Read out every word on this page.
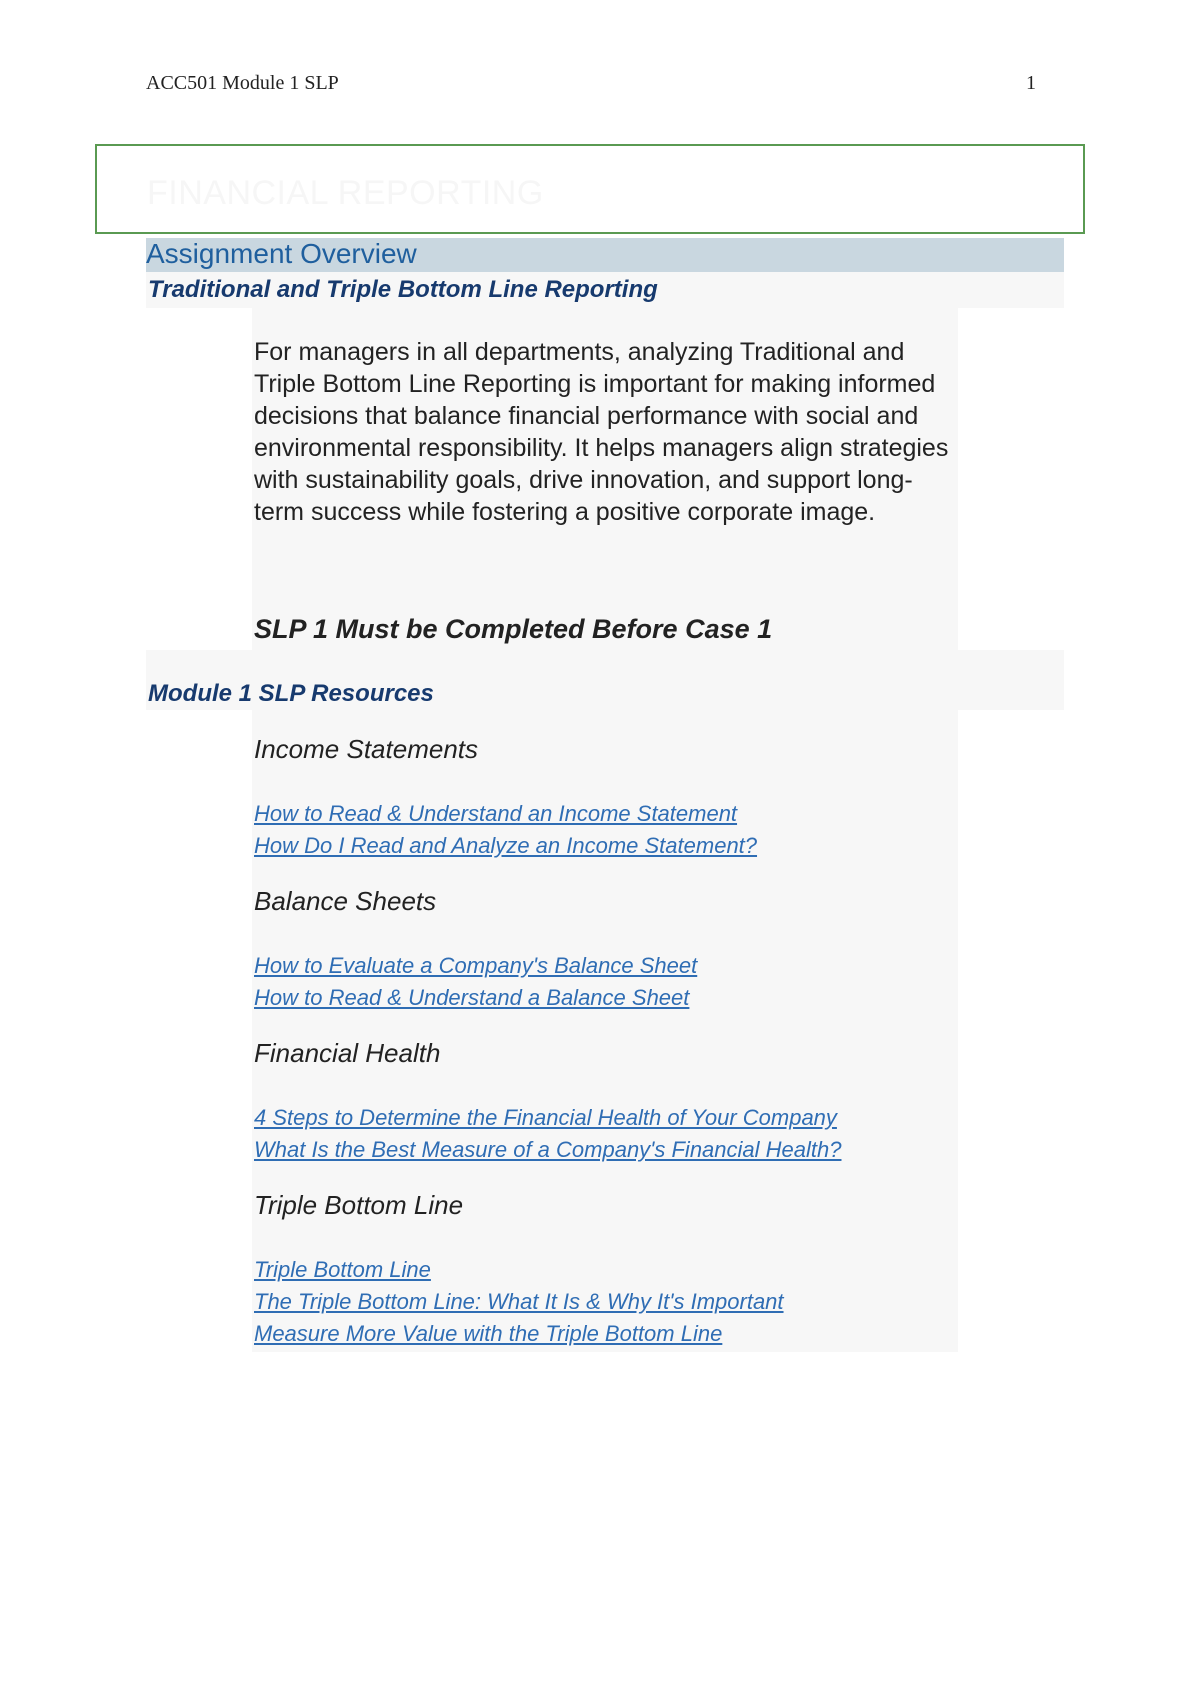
ACC501 Module 1 SLP	1
FINANCIAL REPORTING
Assignment Overview
Traditional and Triple Bottom Line Reporting
For managers in all departments, analyzing Traditional and Triple Bottom Line Reporting is important for making informed decisions that balance financial performance with social and environmental responsibility. It helps managers align strategies with sustainability goals, drive innovation, and support long-term success while fostering a positive corporate image.
SLP 1 Must be Completed Before Case 1
Module 1 SLP Resources
Income Statements
How to Read & Understand an Income Statement
How Do I Read and Analyze an Income Statement?
Balance Sheets
How to Evaluate a Company's Balance Sheet
How to Read & Understand a Balance Sheet
Financial Health
4 Steps to Determine the Financial Health of Your Company
What Is the Best Measure of a Company's Financial Health?
Triple Bottom Line
Triple Bottom Line
The Triple Bottom Line: What It Is & Why It's Important
Measure More Value with the Triple Bottom Line
